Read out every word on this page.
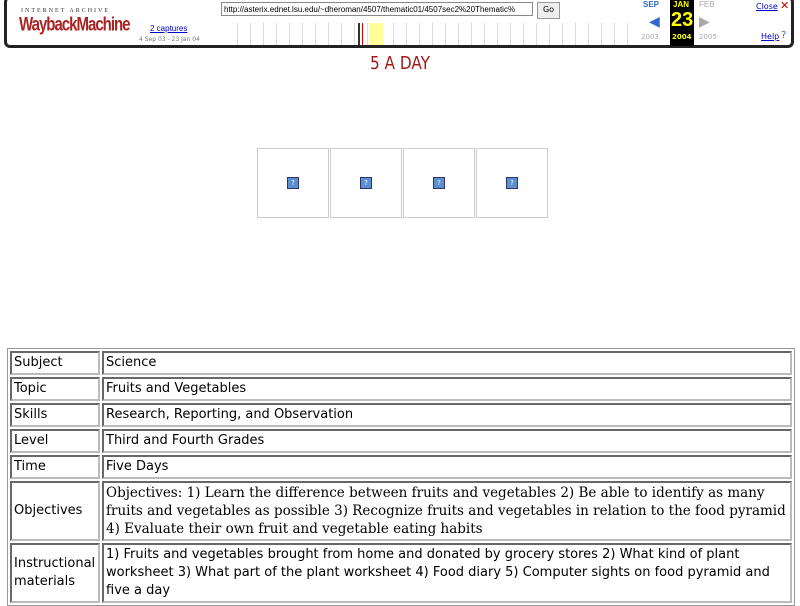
INTERNET ARCHIVE
WaybackMachine
http://asterix.ednet.lsu.edu/~dheroman/4507/thematic01/4507sec2%20Thematic%	Go
2 captures
4 Sep 03 - 23 Jan 04
SEP JAN FEB
◀	▶
23
2003 2004 2005
Close ✕
Help ?
5 A DAY
?	?	?	?
Subject	Science
Topic	Fruits and Vegetables
Skills	Research, Reporting, and Observation
Level	Third and Fourth Grades
Time	Five Days
Objectives	Objectives: 1) Learn the difference between fruits and vegetables 2) Be able to identify as many fruits and vegetables as possible 3) Recognize fruits and vegetables in relation to the food pyramid 4) Evaluate their own fruit and vegetable eating habits
Instructional materials	1) Fruits and vegetables brought from home and donated by grocery stores 2) What kind of plant worksheet 3) What part of the plant worksheet 4) Food diary 5) Computer sights on food pyramid and five a day
